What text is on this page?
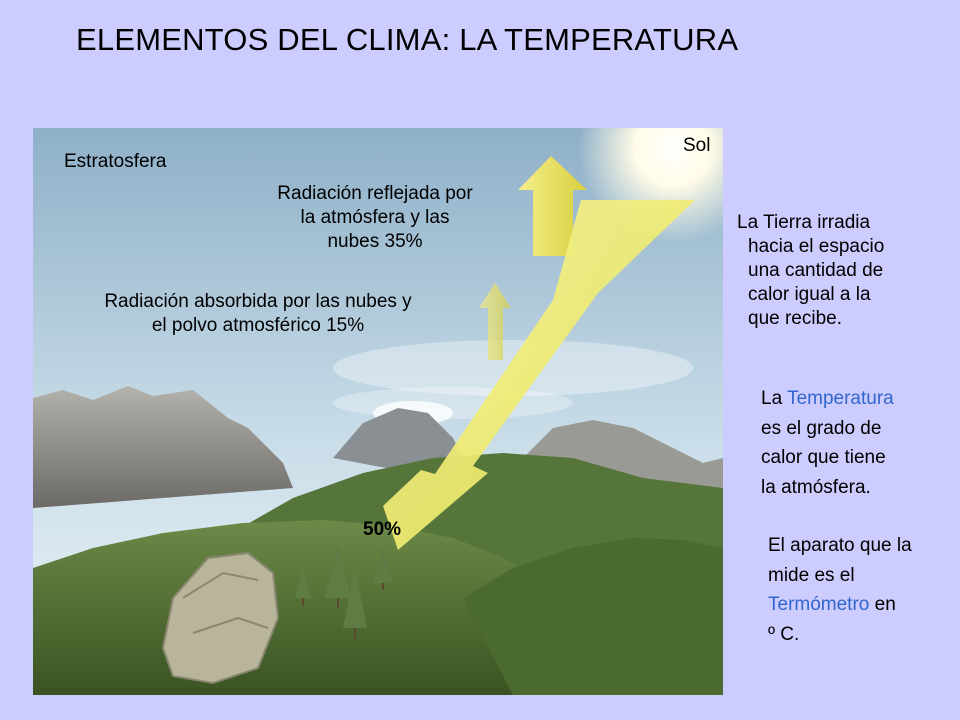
ELEMENTOS DEL CLIMA: LA TEMPERATURA
Estratosfera
Sol
Radiación reflejada por
la atmósfera y las
nubes 35%
Radiación absorbida por las nubes y
el polvo atmosférico 15%
50%
La Tierra irradia
hacia el espacio
una cantidad de
calor igual a la
que recibe.
La Temperatura
es el grado de
calor que tiene
la atmósfera.
El aparato que la
mide es el
Termómetro en
º C.
